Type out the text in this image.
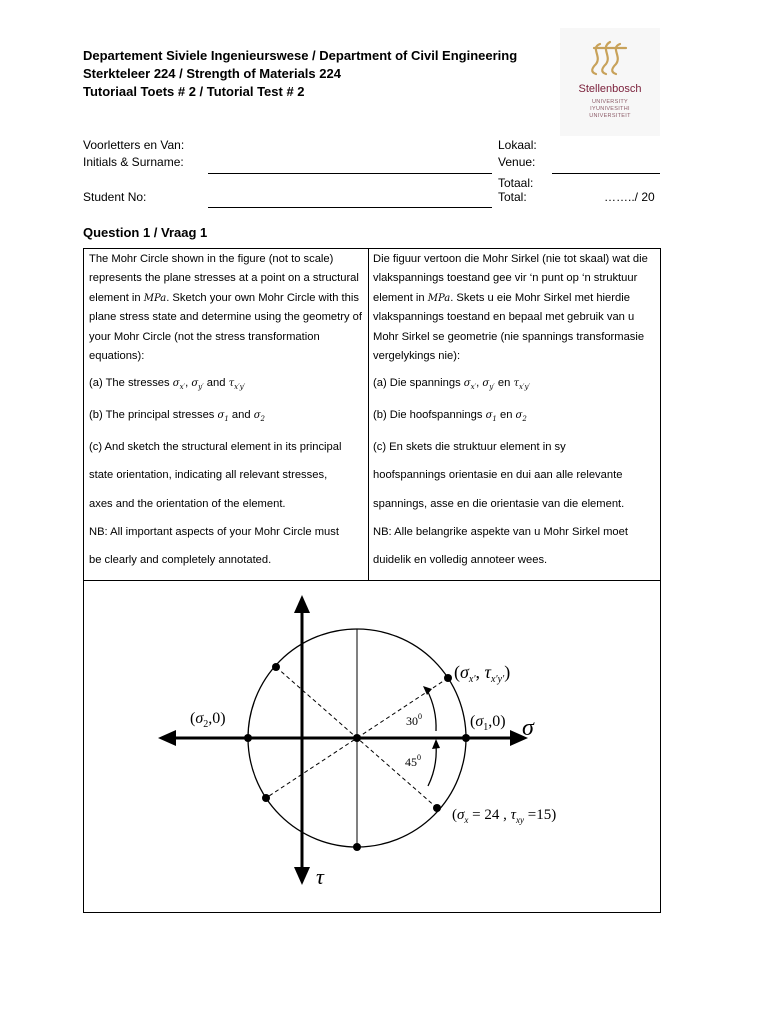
Departement Siviele Ingenieurswese / Department of Civil Engineering
Sterkteleer 224 / Strength of Materials 224
Tutoriaal Toets # 2 / Tutorial Test # 2	Stellenbosch
UNIVERSITY
IYUNIVESITHI
UNIVERSITEIT
Voorletters en Van:
Initials & Surname:
Student No:
Lokaal:
Venue:
Totaal:
Total:	……../ 20
Question 1 / Vraag 1

The Mohr Circle shown in the figure (not to scale) represents the plane stresses at a point on a structural element in MPa. Sketch your own Mohr Circle with this plane stress state and determine using the geometry of your Mohr Circle (not the stress transformation equations):

(a) The stresses $\sigma_{x'}$, $\sigma_{y'}$ and $\tau_{x'y'}$

(b) The principal stresses $\sigma_1$ and $\sigma_2$

(c) And sketch the structural element in its principal
state orientation, indicating all relevant stresses,
axes and the orientation of the element.

NB: All important aspects of your Mohr Circle must
be clearly and completely annotated.

Die figuur vertoon die Mohr Sirkel (nie tot skaal) wat die vlakspannings toestand gee vir ‘n punt op ‘n struktuur element in MPa. Skets u eie Mohr Sirkel met hierdie vlakspannings toestand en bepaal met gebruik van u Mohr Sirkel se geometrie (nie spannings transformasie vergelykings nie):

(a) Die spannings $\sigma_{x'}$, $\sigma_{y'}$ en $\tau_{x'y'}$

(b) Die hoofspannings $\sigma_1$ en $\sigma_2$

(c) En skets die struktuur element in sy
hoofspannings orientasie en dui aan alle relevante
spannings, asse en die orientasie van die element.

NB: Alle belangrike aspekte van u Mohr Sirkel moet
duidelik en volledig annoteer wees.

σ
τ
$(\sigma_2,0)$	$(\sigma_1,0)$
($\sigma_{x'}$, $\tau_{x'y'}$)
($\sigma_x = 24$ , $\tau_{xy} =15$)
$30^0$
$45^0$
